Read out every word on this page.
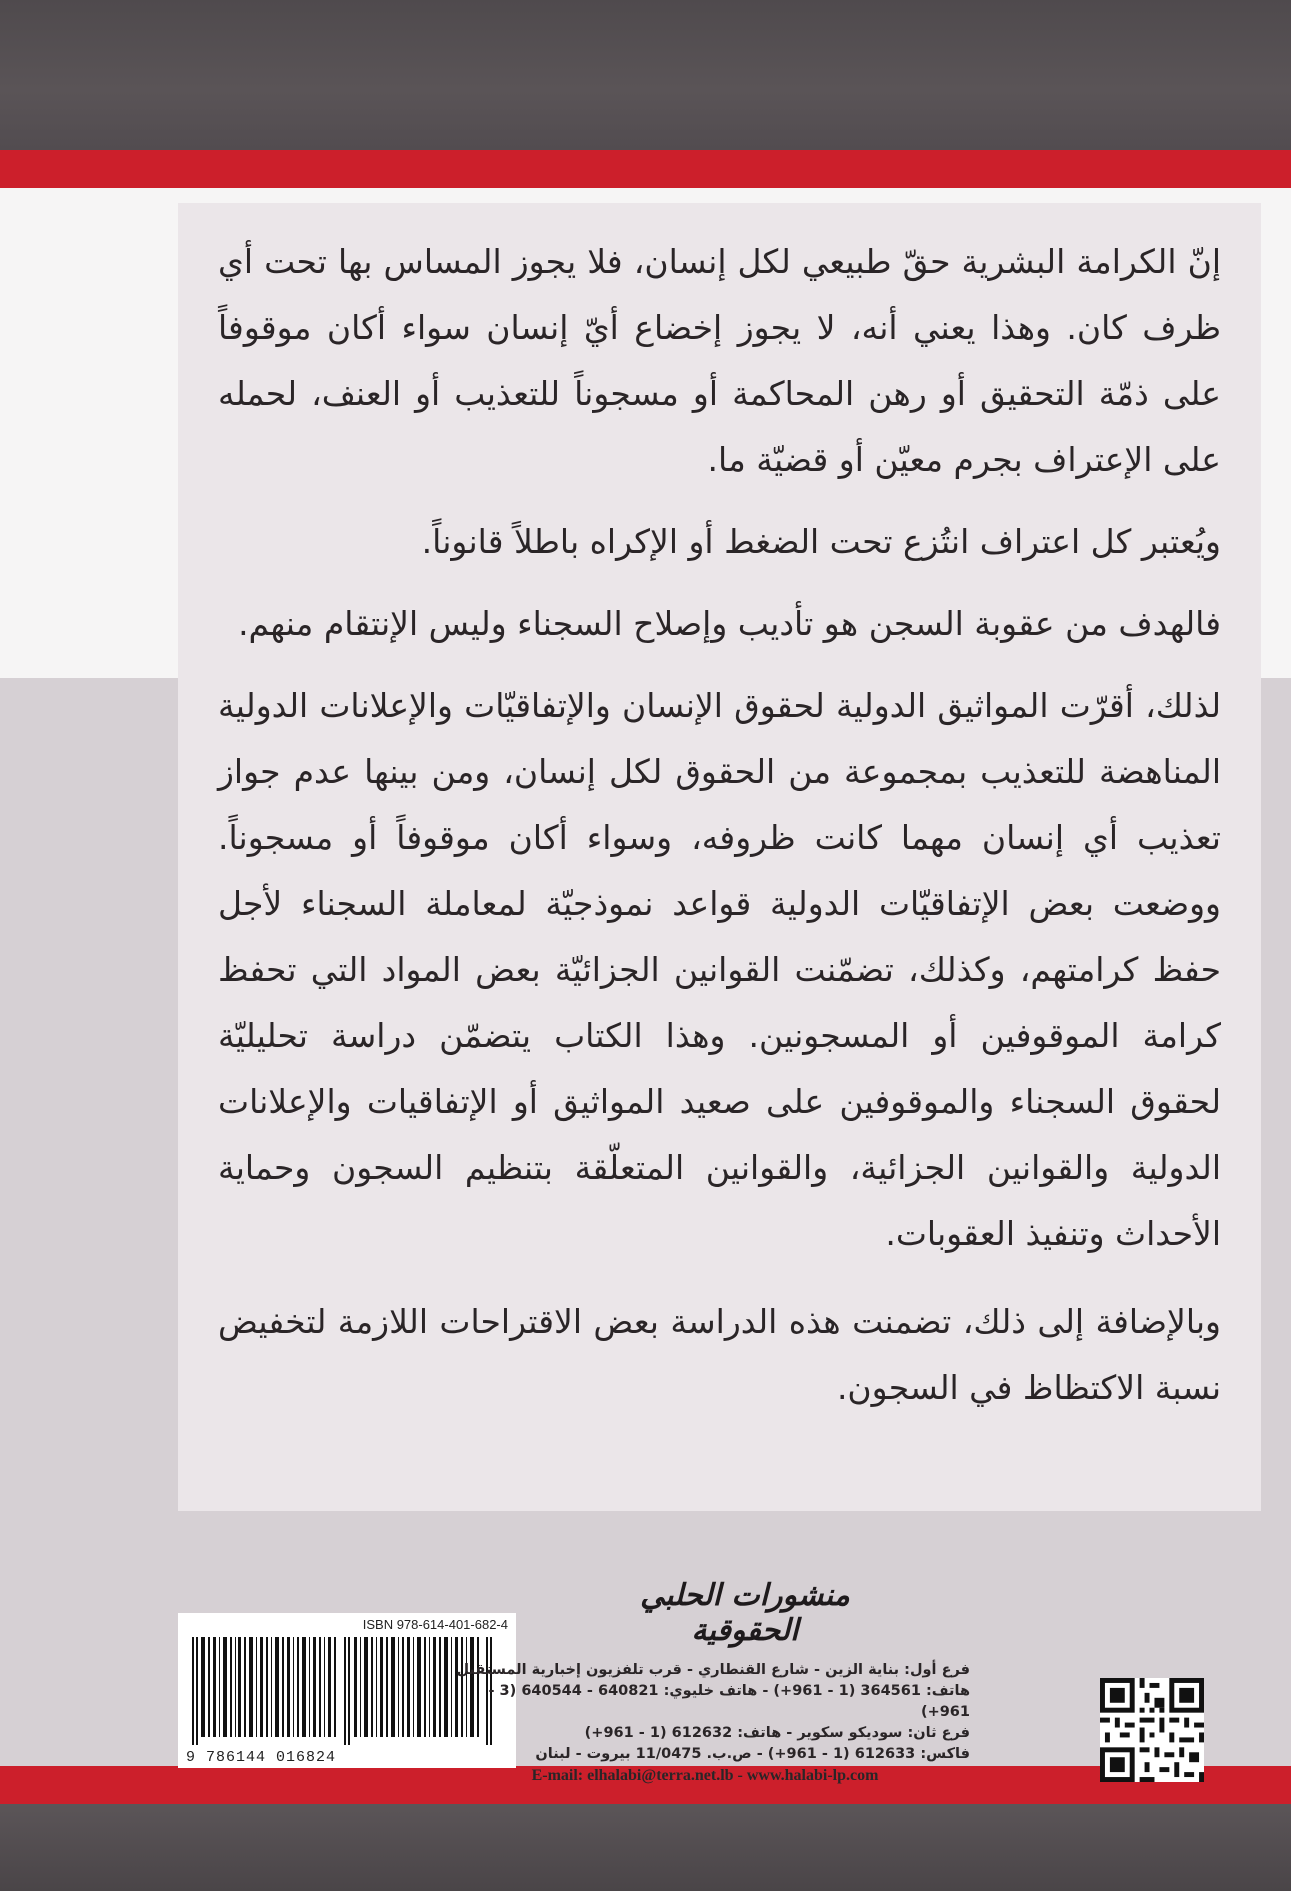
إنّ الكرامة البشرية حقّ طبيعي لكل إنسان، فلا يجوز المساس بها تحت أي ظرف كان. وهذا يعني أنه، لا يجوز إخضاع أيّ إنسان سواء أكان موقوفاً على ذمّة التحقيق أو رهن المحاكمة أو مسجوناً للتعذيب أو العنف، لحمله على الإعتراف بجرم معيّن أو قضيّة ما.

ويُعتبر كل اعتراف انتُزع تحت الضغط أو الإكراه باطلاً قانوناً.

فالهدف من عقوبة السجن هو تأديب وإصلاح السجناء وليس الإنتقام منهم.

لذلك، أقرّت المواثيق الدولية لحقوق الإنسان والإتفاقيّات والإعلانات الدولية المناهضة للتعذيب بمجموعة من الحقوق لكل إنسان، ومن بينها عدم جواز تعذيب أي إنسان مهما كانت ظروفه، وسواء أكان موقوفاً أو مسجوناً. ووضعت بعض الإتفاقيّات الدولية قواعد نموذجيّة لمعاملة السجناء لأجل حفظ كرامتهم، وكذلك، تضمّنت القوانين الجزائيّة بعض المواد التي تحفظ كرامة الموقوفين أو المسجونين. وهذا الكتاب يتضمّن دراسة تحليليّة لحقوق السجناء والموقوفين على صعيد المواثيق أو الإتفاقيات والإعلانات الدولية والقوانين الجزائية، والقوانين المتعلّقة بتنظيم السجون وحماية الأحداث وتنفيذ العقوبات.

وبالإضافة إلى ذلك، تضمنت هذه الدراسة بعض الاقتراحات اللازمة لتخفيض نسبة الاكتظاظ في السجون.

ISBN 978-614-401-682-4
9 786144 016824
منشورات الحلبي الحقوقية
فرع أول: بناية الزين - شارع القنطاري - قرب تلفزيون إخبارية المستقبل
هاتف: 364561 (1 - 961+) - هاتف خليوي: 640821 - 640544 (3 - 961+)
فرع ثان: سوديكو سكوير - هاتف: 612632 (1 - 961+)
فاكس: 612633 (1 - 961+) - ص.ب. 11/0475 بيروت - لبنان
E-mail: elhalabi@terra.net.lb - www.halabi-lp.com
